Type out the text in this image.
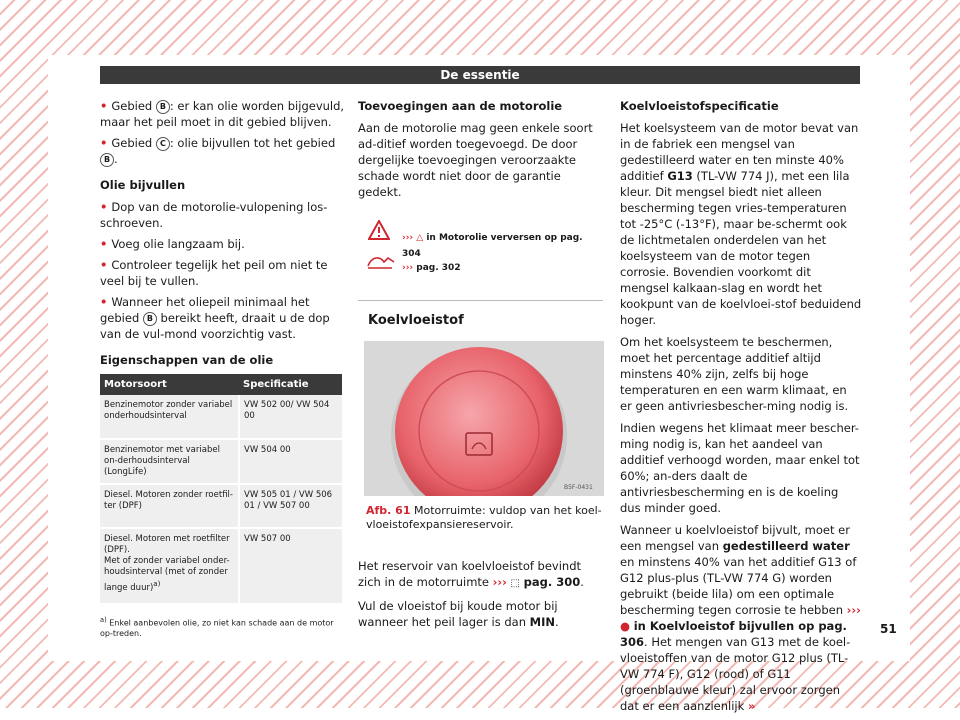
De essentie
• Gebied B : er kan olie worden bijgevuld, maar het peil moet in dit gebied blijven.
• Gebied C : olie bijvullen tot het gebied B .
Olie bijvullen
• Dop van de motorolie-vulopening los-schroeven.
• Voeg olie langzaam bij.
• Controleer tegelijk het peil om niet te veel bij te vullen.
• Wanneer het oliepeil minimaal het gebied B bereikt heeft, draait u de dop van de vul-mond voorzichtig vast.
Eigenschappen van de olie
Motorsoort	Specificatie
Benzinemotor zonder variabel onderhoudsinterval	VW 502 00/ VW 504 00
Benzinemotor met variabel on-derhoudsinterval (LongLife)	VW 504 00
Diesel. Motoren zonder roetfil-ter (DPF)	VW 505 01 / VW 506 01 / VW 507 00
Diesel. Motoren met roetfilter (DPF).
Met of zonder variabel onder-houdsinterval (met of zonder lange duur)$^{a)}$	VW 507 00
$^{a)}$ Enkel aanbevolen olie, zo niet kan schade aan de motor op-treden.
Toevoegingen aan de motorolie

Aan de motorolie mag geen enkele soort ad-ditief worden toegevoegd. De door dergelijke toevoegingen veroorzaakte schade wordt niet door de garantie gedekt.

››› △ in Motorolie verversen op pag. 304
››› pag. 302
Koelvloeistof
B5F-0431
Afb. 61 Motorruimte: vuldop van het koel-vloeistofexpansiereservoir.

Het reservoir van koelvloeistof bevindt zich in de motorruimte ››› ⬚ pag. 300.

Vul de vloeistof bij koude motor bij wanneer het peil lager is dan MIN.

Koelvloeistofspecificatie

Het koelsysteem van de motor bevat van in de fabriek een mengsel van gedestilleerd water en ten minste 40% additief G13 (TL-VW 774 J), met een lila kleur. Dit mengsel biedt niet alleen bescherming tegen vries-temperaturen tot -25°C (-13°F), maar be-schermt ook de lichtmetalen onderdelen van het koelsysteem van de motor tegen corrosie. Bovendien voorkomt dit mengsel kalkaan-slag en wordt het kookpunt van de koelvloei-stof beduidend hoger.

Om het koelsysteem te beschermen, moet het percentage additief altijd minstens 40% zijn, zelfs bij hoge temperaturen en een warm klimaat, en er geen antivriesbescher-ming nodig is.

Indien wegens het klimaat meer bescher-ming nodig is, kan het aandeel van additief verhoogd worden, maar enkel tot 60%; an-ders daalt de antivriesbescherming en is de koeling dus minder goed.

Wanneer u koelvloeistof bijvult, moet er een mengsel van gedestilleerd water en minstens 40% van het additief G13 of G12 plus-plus (TL-VW 774 G) worden gebruikt (beide lila) om een optimale bescherming tegen corrosie te hebben ››› ● in Koelvloeistof bijvullen op pag. 306. Het mengen van G13 met de koel-vloeistoffen van de motor G12 plus (TL-VW 774 F), G12 (rood) of G11 (groenblauwe kleur) zal ervoor zorgen dat er een aanzienlijk »

51
